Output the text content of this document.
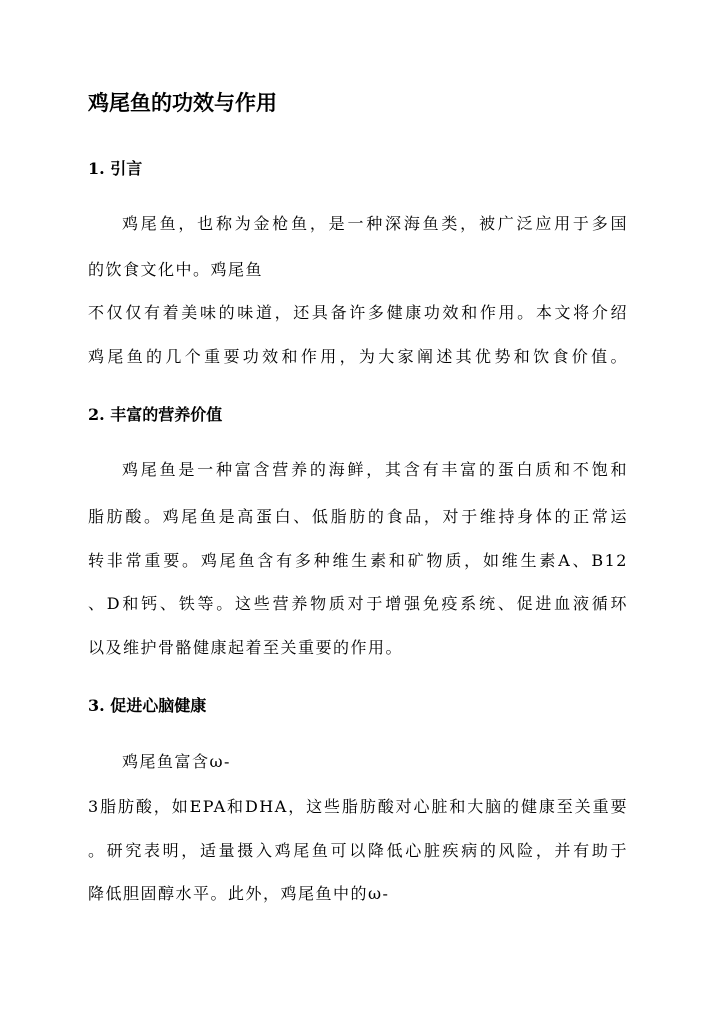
鸡尾鱼的功效与作用
1. 引言
鸡尾鱼，也称为金枪鱼，是一种深海鱼类，被广泛应用于多国
的饮食文化中。鸡尾鱼
不仅仅有着美味的味道，还具备许多健康功效和作用。本文将介绍
鸡尾鱼的几个重要功效和作用，为大家阐述其优势和饮食价值。
2. 丰富的营养价值
鸡尾鱼是一种富含营养的海鲜，其含有丰富的蛋白质和不饱和
脂肪酸。鸡尾鱼是高蛋白、低脂肪的食品，对于维持身体的正常运
转非常重要。鸡尾鱼含有多种维生素和矿物质，如维生素A、B12
、D和钙、铁等。这些营养物质对于增强免疫系统、促进血液循环
以及维护骨骼健康起着至关重要的作用。
3. 促进心脑健康
鸡尾鱼富含ω-
3脂肪酸，如EPA和DHA，这些脂肪酸对心脏和大脑的健康至关重要
。研究表明，适量摄入鸡尾鱼可以降低心脏疾病的风险，并有助于
降低胆固醇水平。此外，鸡尾鱼中的ω-
